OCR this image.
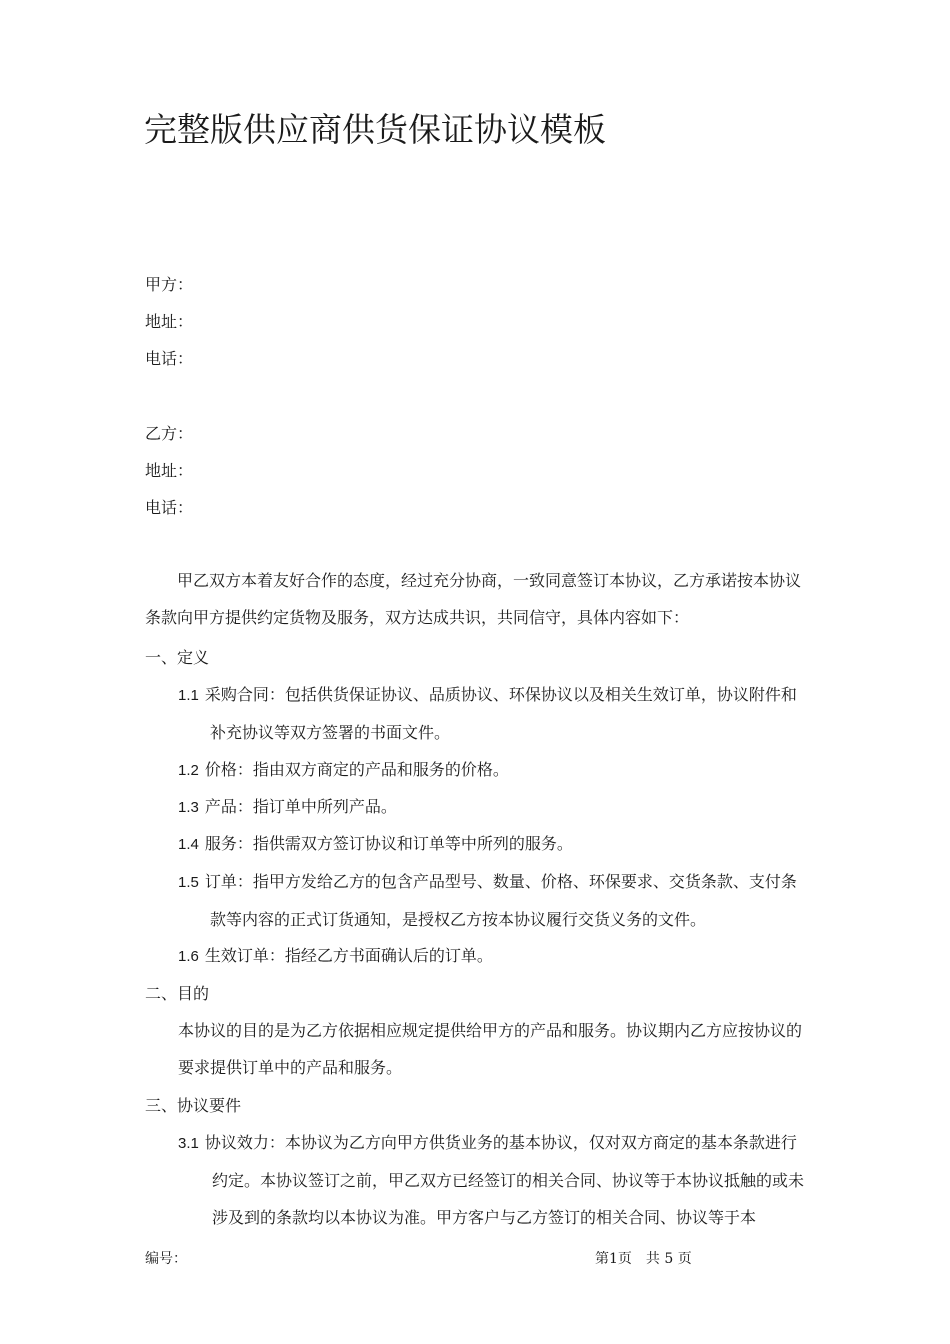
完整版供应商供货保证协议模板
甲方：
地址：
电话：
乙方：
地址：
电话：
甲乙双方本着友好合作的态度，经过充分协商，一致同意签订本协议，乙方承诺按本协议条款向甲方提供约定货物及服务，双方达成共识，共同信守，具体内容如下：
一、定义
1.1 采购合同：包括供货保证协议、品质协议、环保协议以及相关生效订单，协议附件和补充协议等双方签署的书面文件。
1.2 价格：指由双方商定的产品和服务的价格。
1.3 产品：指订单中所列产品。
1.4 服务：指供需双方签订协议和订单等中所列的服务。
1.5 订单：指甲方发给乙方的包含产品型号、数量、价格、环保要求、交货条款、支付条款等内容的正式订货通知，是授权乙方按本协议履行交货义务的文件。
1.6 生效订单：指经乙方书面确认后的订单。
二、目的
本协议的目的是为乙方依据相应规定提供给甲方的产品和服务。协议期内乙方应按协议的要求提供订单中的产品和服务。
三、协议要件
3.1 协议效力：本协议为乙方向甲方供货业务的基本协议，仅对双方商定的基本条款进行约定。本协议签订之前，甲乙双方已经签订的相关合同、协议等于本协议抵触的或未涉及到的条款均以本协议为准。甲方客户与乙方签订的相关合同、协议等于本
编号：	第1页　共 5 页
